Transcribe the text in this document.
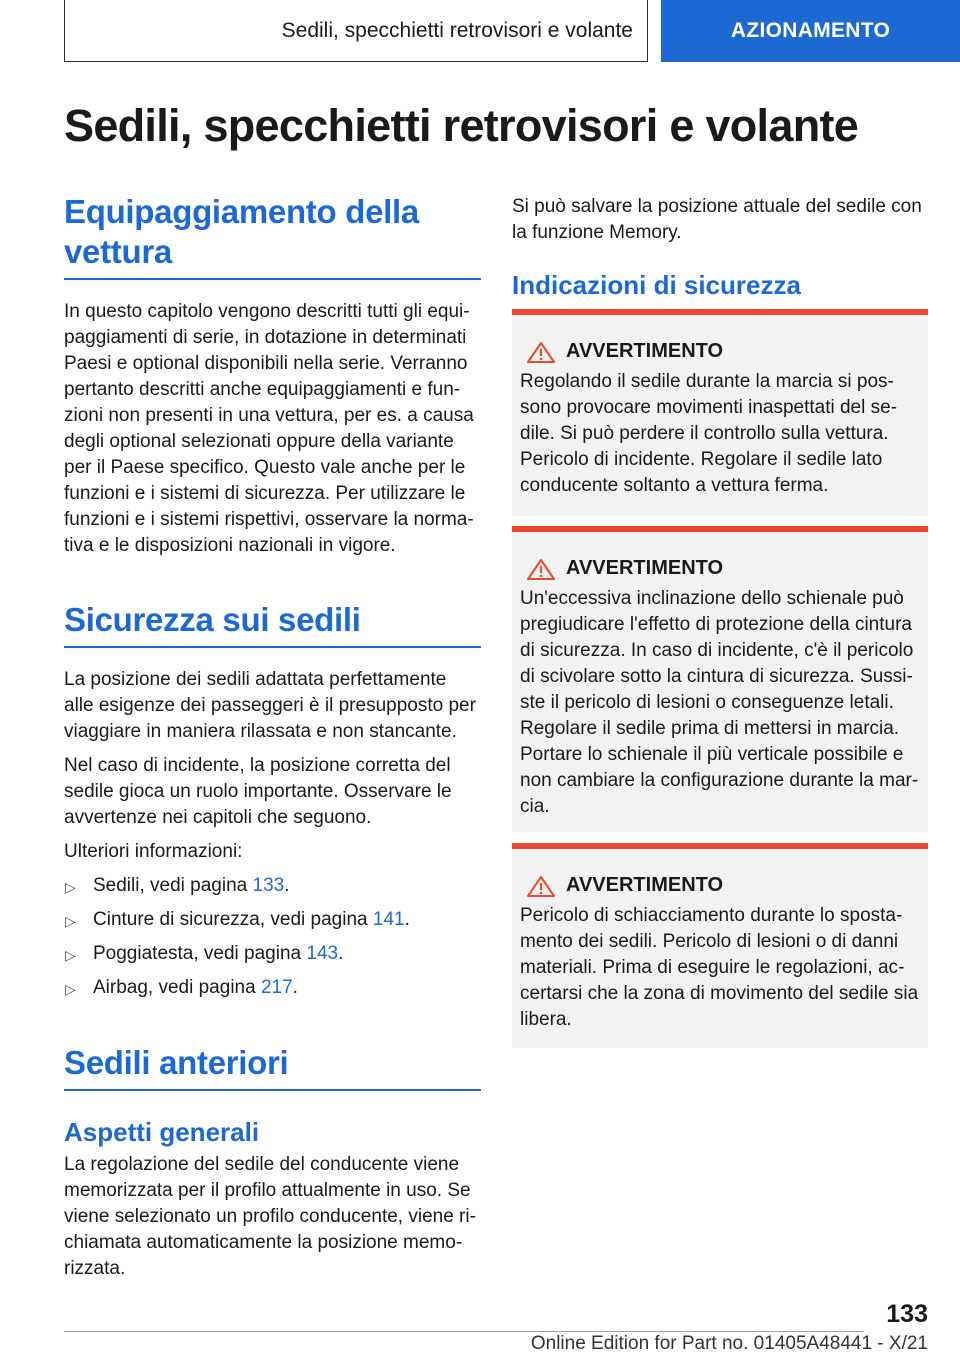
Sedili, specchietti retrovisori e volante	AZIONAMENTO
Sedili, specchietti retrovisori e volante
Equipaggiamento della vettura

In questo capitolo vengono descritti tutti gli equipaggiamenti di serie, in dotazione in determinati Paesi e optional disponibili nella serie. Verranno pertanto descritti anche equipaggiamenti e funzioni non presenti in una vettura, per es. a causa degli optional selezionati oppure della variante per il Paese specifico. Questo vale anche per le funzioni e i sistemi di sicurezza. Per utilizzare le funzioni e i sistemi rispettivi, osservare la normativa e le disposizioni nazionali in vigore.

Sicurezza sui sedili

La posizione dei sedili adattata perfettamente alle esigenze dei passeggeri è il presupposto per viaggiare in maniera rilassata e non stancante.

Nel caso di incidente, la posizione corretta del sedile gioca un ruolo importante. Osservare le avvertenze nei capitoli che seguono.

Ulteriori informazioni:

▷ Sedili, vedi pagina 133.
▷ Cinture di sicurezza, vedi pagina 141.
▷ Poggiatesta, vedi pagina 143.
▷ Airbag, vedi pagina 217.
Sedili anteriori
Aspetti generali

La regolazione del sedile del conducente viene memorizzata per il profilo attualmente in uso. Se viene selezionato un profilo conducente, viene richiamata automaticamente la posizione memorizzata.

Si può salvare la posizione attuale del sedile con la funzione Memory.

Indicazioni di sicurezza
AVVERTIMENTO

Regolando il sedile durante la marcia si possono provocare movimenti inaspettati del sedile. Si può perdere il controllo sulla vettura. Pericolo di incidente. Regolare il sedile lato conducente soltanto a vettura ferma.

AVVERTIMENTO

Un'eccessiva inclinazione dello schienale può pregiudicare l'effetto di protezione della cintura di sicurezza. In caso di incidente, c'è il pericolo di scivolare sotto la cintura di sicurezza. Sussiste il pericolo di lesioni o conseguenze letali. Regolare il sedile prima di mettersi in marcia. Portare lo schienale il più verticale possibile e non cambiare la configurazione durante la marcia.

AVVERTIMENTO

Pericolo di schiacciamento durante lo spostamento dei sedili. Pericolo di lesioni o di danni materiali. Prima di eseguire le regolazioni, accertarsi che la zona di movimento del sedile sia libera.

133
Online Edition for Part no. 01405A48441 - X/21
